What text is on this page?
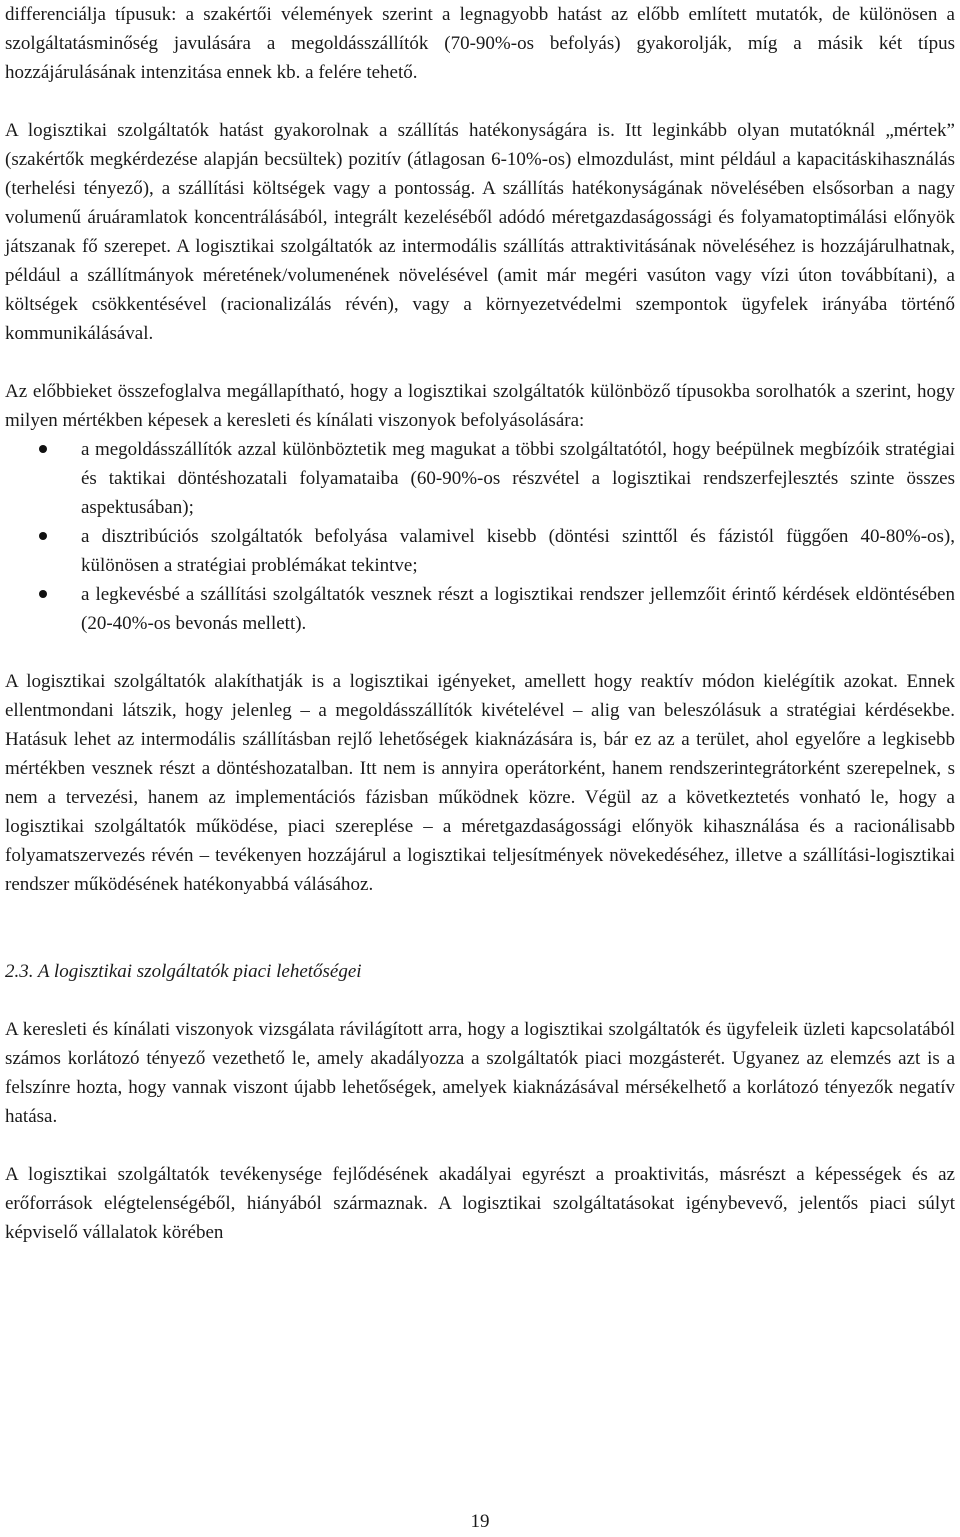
differenciálja típusuk: a szakértői vélemények szerint a legnagyobb hatást az előbb említett mutatók, de különösen a szolgáltatásminőség javulására a megoldásszállítók (70-90%-os befolyás) gyakorolják, míg a másik két típus hozzájárulásának intenzitása ennek kb. a felére tehető.

A logisztikai szolgáltatók hatást gyakorolnak a szállítás hatékonyságára is. Itt leginkább olyan mutatóknál „mértek” (szakértők megkérdezése alapján becsültek) pozitív (átlagosan 6-10%-os) elmozdulást, mint például a kapacitáskihasználás (terhelési tényező), a szállítási költségek vagy a pontosság. A szállítás hatékonyságának növelésében elsősorban a nagy volumenű áruáramlatok koncentrálásából, integrált kezeléséből adódó méretgazdaságossági és folyamatoptimálási előnyök játszanak fő szerepet. A logisztikai szolgáltatók az intermodális szállítás attraktivitásának növeléséhez is hozzájárulhatnak, például a szállítmányok méretének/volumenének növelésével (amit már megéri vasúton vagy vízi úton továbbítani), a költségek csökkentésével (racionalizálás révén), vagy a környezetvédelmi szempontok ügyfelek irányába történő kommunikálásával.

Az előbbieket összefoglalva megállapítható, hogy a logisztikai szolgáltatók különböző típusokba sorolhatók a szerint, hogy milyen mértékben képesek a keresleti és kínálati viszonyok befolyásolására:

a megoldásszállítók azzal különböztetik meg magukat a többi szolgáltatótól, hogy beépülnek megbízóik stratégiai és taktikai döntéshozatali folyamataiba (60-90%-os részvétel a logisztikai rendszerfejlesztés szinte összes aspektusában);
a disztribúciós szolgáltatók befolyása valamivel kisebb (döntési szinttől és fázistól függően 40-80%-os), különösen a stratégiai problémákat tekintve;
a legkevésbé a szállítási szolgáltatók vesznek részt a logisztikai rendszer jellemzőit érintő kérdések eldöntésében (20-40%-os bevonás mellett).

A logisztikai szolgáltatók alakíthatják is a logisztikai igényeket, amellett hogy reaktív módon kielégítik azokat. Ennek ellentmondani látszik, hogy jelenleg – a megoldásszállítók kivételével – alig van beleszólásuk a stratégiai kérdésekbe. Hatásuk lehet az intermodális szállításban rejlő lehetőségek kiaknázására is, bár ez az a terület, ahol egyelőre a legkisebb mértékben vesznek részt a döntéshozatalban. Itt nem is annyira operátorként, hanem rendszerintegrátorként szerepelnek, s nem a tervezési, hanem az implementációs fázisban működnek közre. Végül az a következtetés vonható le, hogy a logisztikai szolgáltatók működése, piaci szereplése – a méretgazdaságossági előnyök kihasználása és a racionálisabb folyamatszervezés révén – tevékenyen hozzájárul a logisztikai teljesítmények növekedéséhez, illetve a szállítási-logisztikai rendszer működésének hatékonyabbá válásához.

2.3. A logisztikai szolgáltatók piaci lehetőségei

A keresleti és kínálati viszonyok vizsgálata rávilágított arra, hogy a logisztikai szolgáltatók és ügyfeleik üzleti kapcsolatából számos korlátozó tényező vezethető le, amely akadályozza a szolgáltatók piaci mozgásterét. Ugyanez az elemzés azt is a felszínre hozta, hogy vannak viszont újabb lehetőségek, amelyek kiaknázásával mérsékelhető a korlátozó tényezők negatív hatása.

A logisztikai szolgáltatók tevékenysége fejlődésének akadályai egyrészt a proaktivitás, másrészt a képességek és az erőforrások elégtelenségéből, hiányából származnak. A logisztikai szolgáltatásokat igénybevevő, jelentős piaci súlyt képviselő vállalatok körében

19
